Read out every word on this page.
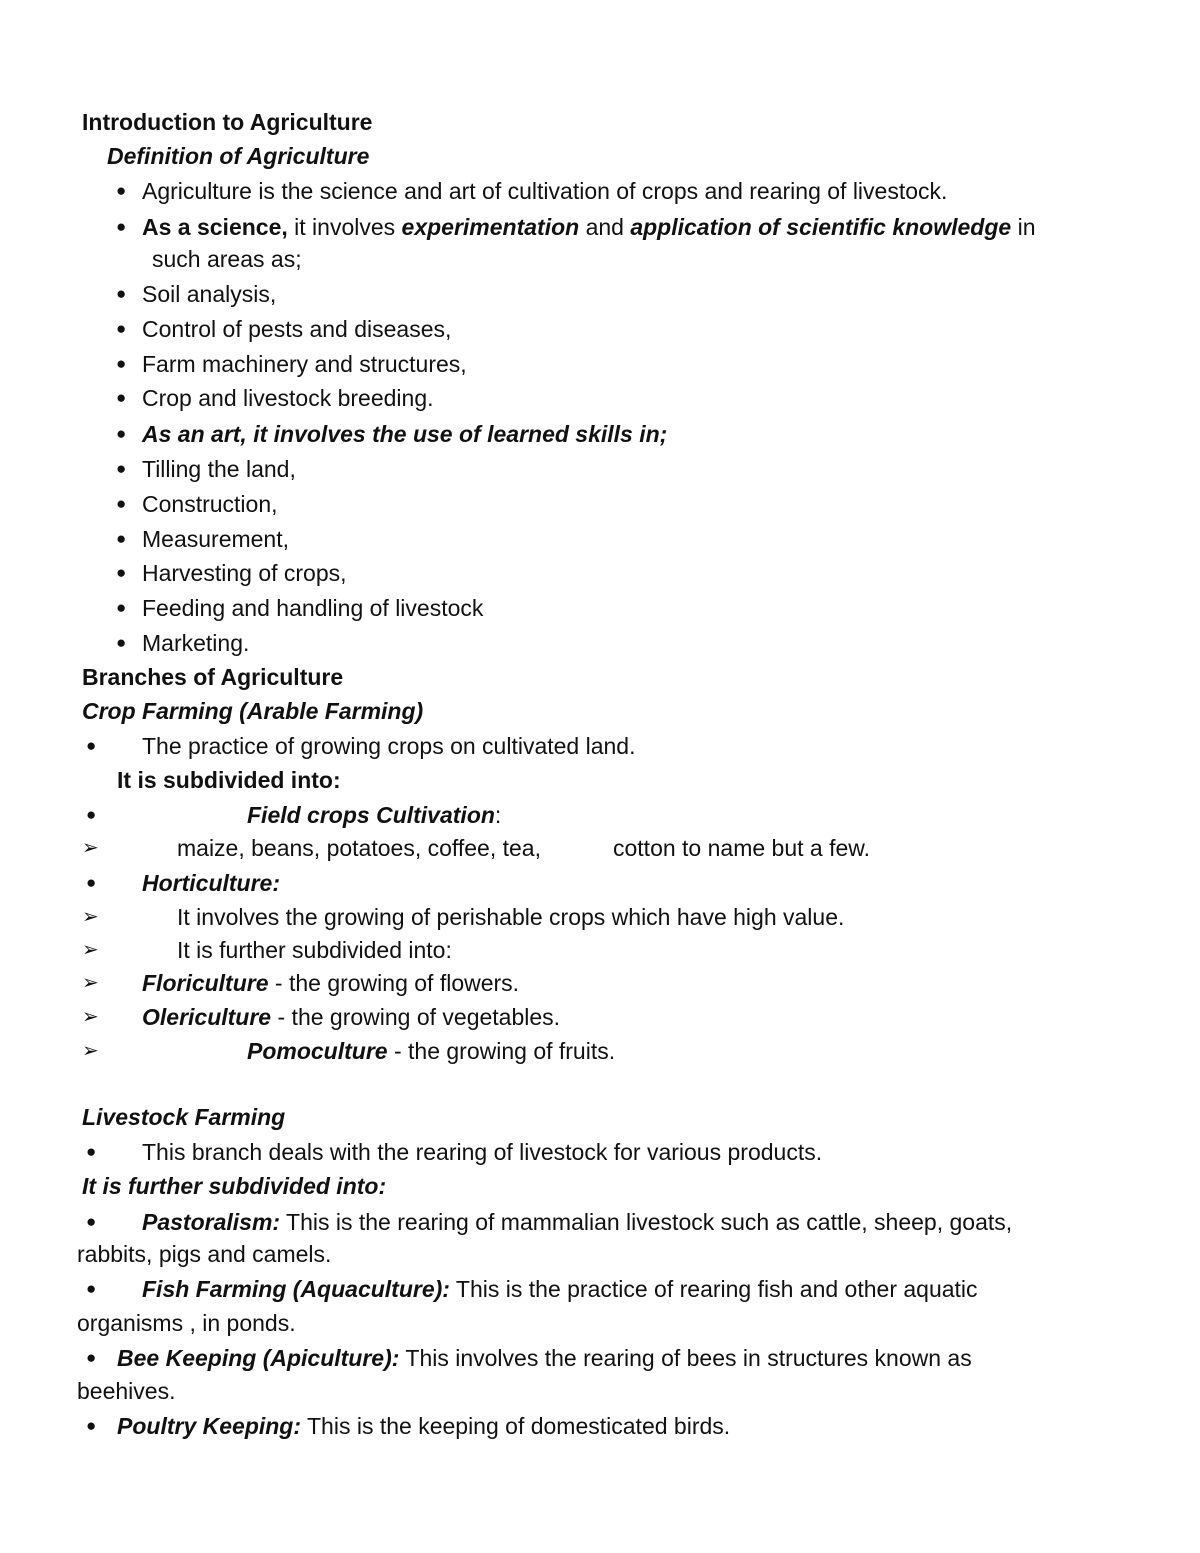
Introduction to Agriculture
Definition of Agriculture
● Agriculture is the science and art of cultivation of crops and rearing of livestock.
● As a science, it involves experimentation and application of scientific knowledge in
such areas as;
● Soil analysis,
● Control of pests and diseases,
● Farm machinery and structures,
● Crop and livestock breeding.
● As an art, it involves the use of learned skills in;
● Tilling the land,
● Construction,
● Measurement,
● Harvesting of crops,
● Feeding and handling of livestock
● Marketing.
Branches of Agriculture
Crop Farming (Arable Farming)
● The practice of growing crops on cultivated land.
It is subdivided into:
●	Field crops Cultivation:
➢	maize, beans, potatoes, coffee, tea,	cotton to name but a few.
● Horticulture:
➢	It involves the growing of perishable crops which have high value.
➢	It is further subdivided into:
➢ Floriculture - the growing of flowers.
➢ Olericulture - the growing of vegetables.
➢	Pomoculture - the growing of fruits.
Livestock Farming
● This branch deals with the rearing of livestock for various products.
It is further subdivided into:
● Pastoralism: This is the rearing of mammalian livestock such as cattle, sheep, goats,
rabbits, pigs and camels.
● Fish Farming (Aquaculture): This is the practice of rearing fish and other aquatic
organisms , in ponds.
● Bee Keeping (Apiculture): This involves the rearing of bees in structures known as
beehives.
● Poultry Keeping: This is the keeping of domesticated birds.
